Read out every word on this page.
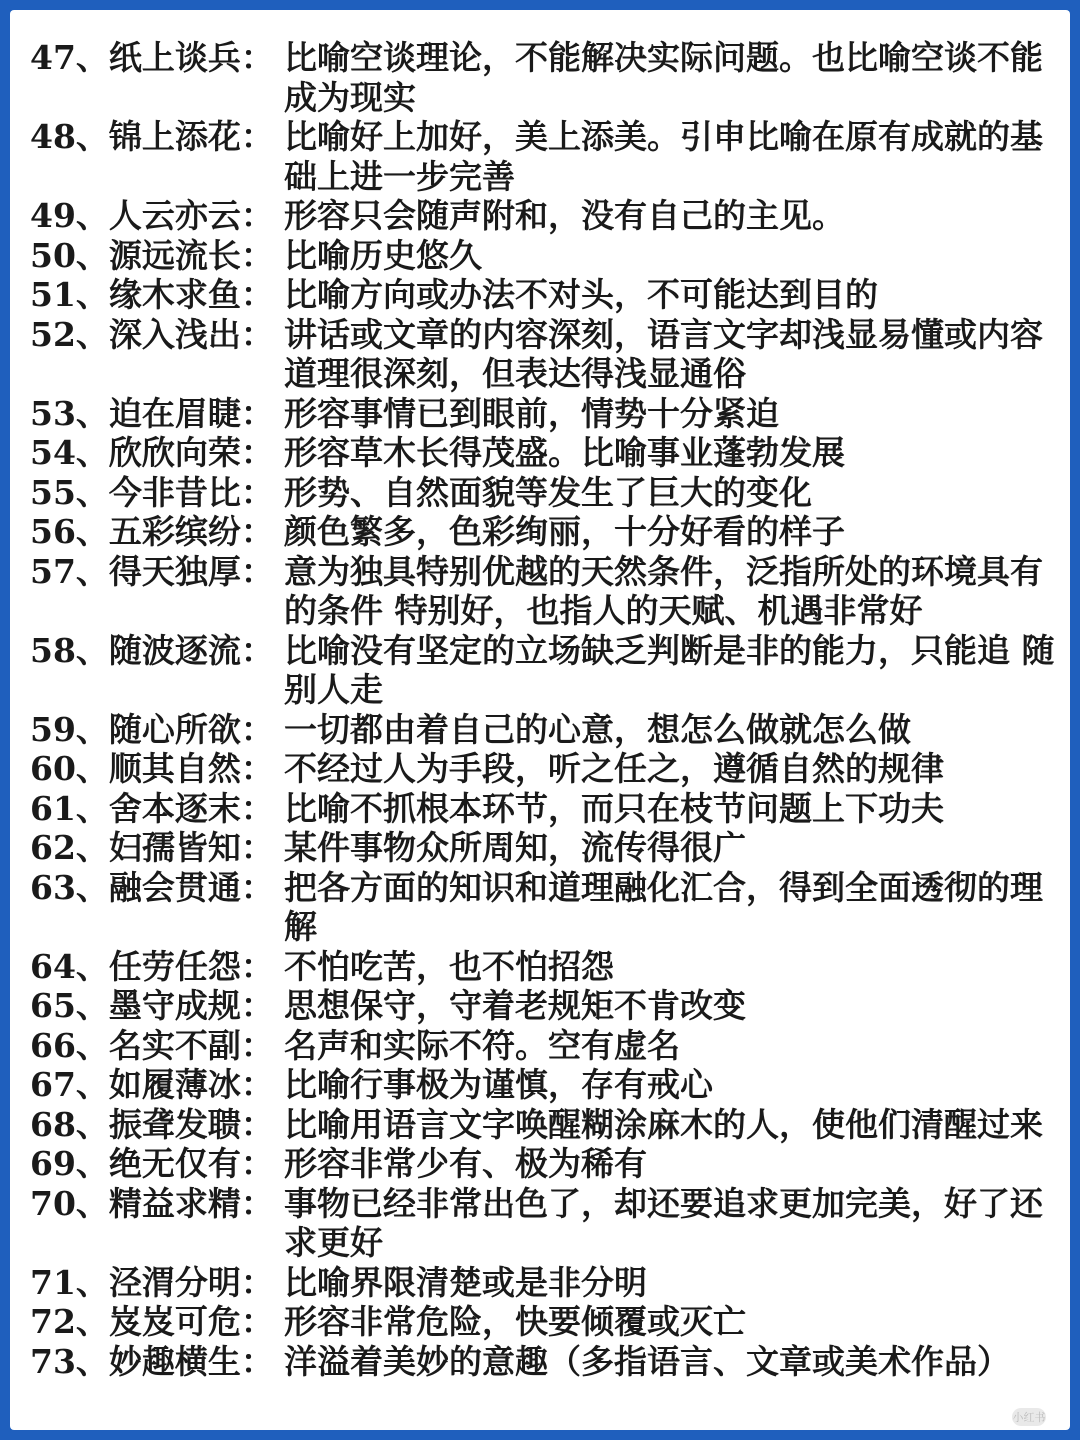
47、纸上谈兵： 比喻空谈理论，不能解决实际问题。也比喻空谈不能成为现实
48、锦上添花： 比喻好上加好，美上添美。引申比喻在原有成就的基础上进一步完善
49、人云亦云： 形容只会随声附和，没有自己的主见。
50、源远流长： 比喻历史悠久
51、缘木求鱼： 比喻方向或办法不对头，不可能达到目的
52、深入浅出： 讲话或文章的内容深刻，语言文字却浅显易懂或内容道理很深刻，但表达得浅显通俗
53、迫在眉睫： 形容事情已到眼前，情势十分紧迫
54、欣欣向荣： 形容草木长得茂盛。比喻事业蓬勃发展
55、今非昔比： 形势、自然面貌等发生了巨大的变化
56、五彩缤纷： 颜色繁多，色彩绚丽，十分好看的样子
57、得天独厚： 意为独具特别优越的天然条件，泛指所处的环境具有的条件 特别好，也指人的天赋、机遇非常好
58、随波逐流： 比喻没有坚定的立场缺乏判断是非的能力，只能追 随别人走
59、随心所欲： 一切都由着自己的心意，想怎么做就怎么做
60、顺其自然： 不经过人为手段，听之任之，遵循自然的规律
61、舍本逐末： 比喻不抓根本环节，而只在枝节问题上下功夫
62、妇孺皆知： 某件事物众所周知，流传得很广
63、融会贯通： 把各方面的知识和道理融化汇合，得到全面透彻的理解
64、任劳任怨： 不怕吃苦，也不怕招怨
65、墨守成规： 思想保守，守着老规矩不肯改变
66、名实不副： 名声和实际不符。空有虚名
67、如履薄冰： 比喻行事极为谨慎，存有戒心
68、振聋发聩： 比喻用语言文字唤醒糊涂麻木的人，使他们清醒过来
69、绝无仅有： 形容非常少有、极为稀有
70、精益求精： 事物已经非常出色了，却还要追求更加完美，好了还求更好
71、泾渭分明： 比喻界限清楚或是非分明
72、岌岌可危： 形容非常危险，快要倾覆或灭亡
73、妙趣横生： 洋溢着美妙的意趣（多指语言、文章或美术作品）
小红书
